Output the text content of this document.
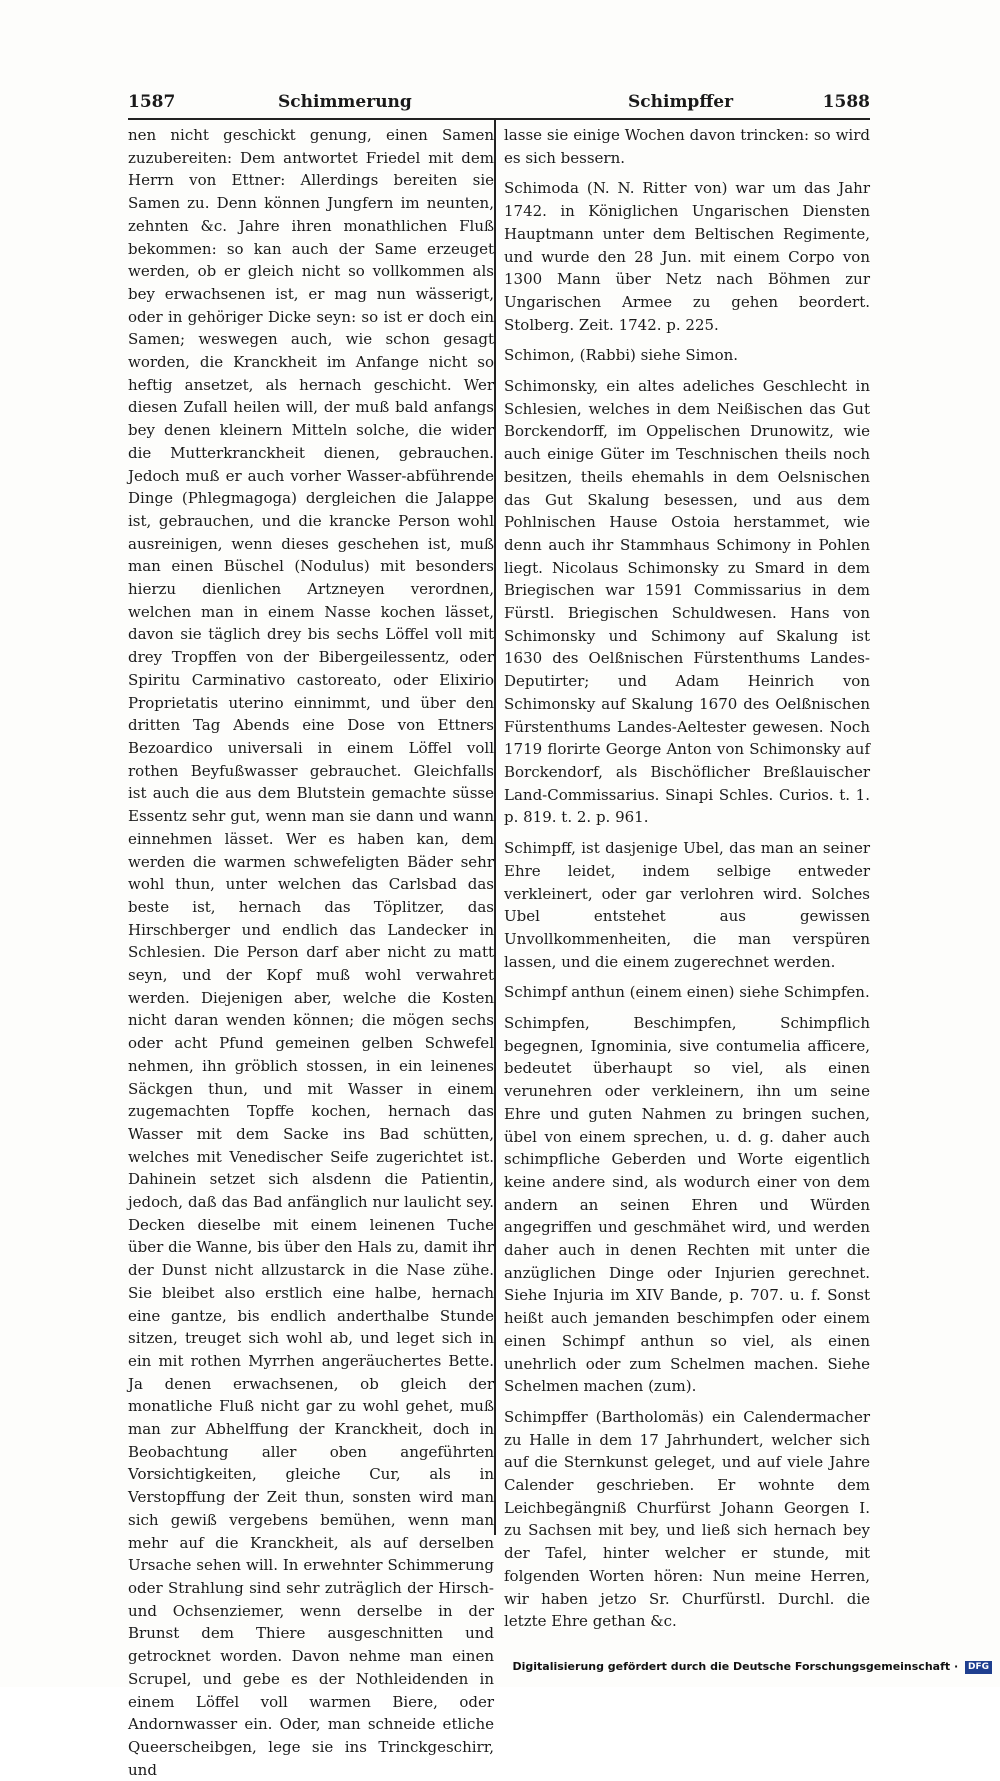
1587	Schimmerung	Schimpffer	1588

nen nicht geschickt genung, einen Samen zuzubereiten: Dem antwortet Friedel mit dem Herrn von Ettner: Allerdings bereiten sie Samen zu. Denn können Jungfern im neunten, zehnten &c. Jahre ihren monathlichen Fluß bekommen: so kan auch der Same erzeuget werden, ob er gleich nicht so vollkommen als bey erwachsenen ist, er mag nun wässerigt, oder in gehöriger Dicke seyn: so ist er doch ein Samen; weswegen auch, wie schon gesagt worden, die Kranckheit im Anfange nicht so heftig ansetzet, als hernach geschicht. Wer diesen Zufall heilen will, der muß bald anfangs bey denen kleinern Mitteln solche, die wider die Mutterkranckheit dienen, gebrauchen. Jedoch muß er auch vorher Wasser-abführende Dinge (Phlegmagoga) dergleichen die Jalappe ist, gebrauchen, und die krancke Person wohl ausreinigen, wenn dieses geschehen ist, muß man einen Büschel (Nodulus) mit besonders hierzu dienlichen Artzneyen verordnen, welchen man in einem Nasse kochen lässet, davon sie täglich drey bis sechs Löffel voll mit drey Tropffen von der Bibergeilessentz, oder Spiritu Carminativo castoreato, oder Elixirio Proprietatis uterino einnimmt, und über den dritten Tag Abends eine Dose von Ettners Bezoardico universali in einem Löffel voll rothen Beyfußwasser gebrauchet. Gleichfalls ist auch die aus dem Blutstein gemachte süsse Essentz sehr gut, wenn man sie dann und wann einnehmen lässet. Wer es haben kan, dem werden die warmen schwefeligten Bäder sehr wohl thun, unter welchen das Carlsbad das beste ist, hernach das Töplitzer, das Hirschberger und endlich das Landecker in Schlesien. Die Person darf aber nicht zu matt seyn, und der Kopf muß wohl verwahret werden. Diejenigen aber, welche die Kosten nicht daran wenden können; die mögen sechs oder acht Pfund gemeinen gelben Schwefel nehmen, ihn gröblich stossen, in ein leinenes Säckgen thun, und mit Wasser in einem zugemachten Topffe kochen, hernach das Wasser mit dem Sacke ins Bad schütten, welches mit Venedischer Seife zugerichtet ist. Dahinein setzet sich alsdenn die Patientin, jedoch, daß das Bad anfänglich nur laulicht sey. Decken dieselbe mit einem leinenen Tuche über die Wanne, bis über den Hals zu, damit ihr der Dunst nicht allzustarck in die Nase zühe. Sie bleibet also erstlich eine halbe, hernach eine gantze, bis endlich anderthalbe Stunde sitzen, treuget sich wohl ab, und leget sich in ein mit rothen Myrrhen angeräuchertes Bette. Ja denen erwachsenen, ob gleich der monatliche Fluß nicht gar zu wohl gehet, muß man zur Abhelffung der Kranckheit, doch in Beobachtung aller oben angeführten Vorsichtigkeiten, gleiche Cur, als in Verstopffung der Zeit thun, sonsten wird man sich gewiß vergebens bemühen, wenn man mehr auf die Kranckheit, als auf derselben Ursache sehen will. In erwehnter Schimmerung oder Strahlung sind sehr zuträglich der Hirsch- und Ochsenziemer, wenn derselbe in der Brunst dem Thiere ausgeschnitten und getrocknet worden. Davon nehme man einen Scrupel, und gebe es der Nothleidenden in einem Löffel voll warmen Biere, oder Andornwasser ein. Oder, man schneide etliche Queerscheibgen, lege sie ins Trinckgeschirr, und

lasse sie einige Wochen davon trincken: so wird es sich bessern.

Schimoda (N. N. Ritter von) war um das Jahr 1742. in Königlichen Ungarischen Diensten Hauptmann unter dem Beltischen Regimente, und wurde den 28 Jun. mit einem Corpo von 1300 Mann über Netz nach Böhmen zur Ungarischen Armee zu gehen beordert. Stolberg. Zeit. 1742. p. 225.

Schimon, (Rabbi) siehe Simon.

Schimonsky, ein altes adeliches Geschlecht in Schlesien, welches in dem Neißischen das Gut Borckendorff, im Oppelischen Drunowitz, wie auch einige Güter im Teschnischen theils noch besitzen, theils ehemahls in dem Oelsnischen das Gut Skalung besessen, und aus dem Pohlnischen Hause Ostoia herstammet, wie denn auch ihr Stammhaus Schimony in Pohlen liegt. Nicolaus Schimonsky zu Smard in dem Briegischen war 1591 Commissarius in dem Fürstl. Briegischen Schuldwesen. Hans von Schimonsky und Schimony auf Skalung ist 1630 des Oelßnischen Fürstenthums Landes-Deputirter; und Adam Heinrich von Schimonsky auf Skalung 1670 des Oelßnischen Fürstenthums Landes-Aeltester gewesen. Noch 1719 florirte George Anton von Schimonsky auf Borckendorf, als Bischöflicher Breßlauischer Land-Commissarius. Sinapi Schles. Curios. t. 1. p. 819. t. 2. p. 961.

Schimpff, ist dasjenige Ubel, das man an seiner Ehre leidet, indem selbige entweder verkleinert, oder gar verlohren wird. Solches Ubel entstehet aus gewissen Unvollkommenheiten, die man verspüren lassen, und die einem zugerechnet werden.

Schimpf anthun (einem einen) siehe Schimpfen.

Schimpfen, Beschimpfen, Schimpflich begegnen, Ignominia, sive contumelia afficere, bedeutet überhaupt so viel, als einen verunehren oder verkleinern, ihn um seine Ehre und guten Nahmen zu bringen suchen, übel von einem sprechen, u. d. g. daher auch schimpfliche Geberden und Worte eigentlich keine andere sind, als wodurch einer von dem andern an seinen Ehren und Würden angegriffen und geschmähet wird, und werden daher auch in denen Rechten mit unter die anzüglichen Dinge oder Injurien gerechnet. Siehe Injuria im XIV Bande, p. 707. u. f. Sonst heißt auch jemanden beschimpfen oder einem einen Schimpf anthun so viel, als einen unehrlich oder zum Schelmen machen. Siehe Schelmen machen (zum).

Schimpffer (Bartholomäs) ein Calendermacher zu Halle in dem 17 Jahrhundert, welcher sich auf die Sternkunst geleget, und auf viele Jahre Calender geschrieben. Er wohnte dem Leichbegängniß Churfürst Johann Georgen I. zu Sachsen mit bey, und ließ sich hernach bey der Tafel, hinter welcher er stunde, mit folgenden Worten hören: Nun meine Herren, wir haben jetzo Sr. Churfürstl. Durchl. die letzte Ehre gethan &c.

Digitalisierung gefördert durch die Deutsche Forschungsgemeinschaft · DFG
